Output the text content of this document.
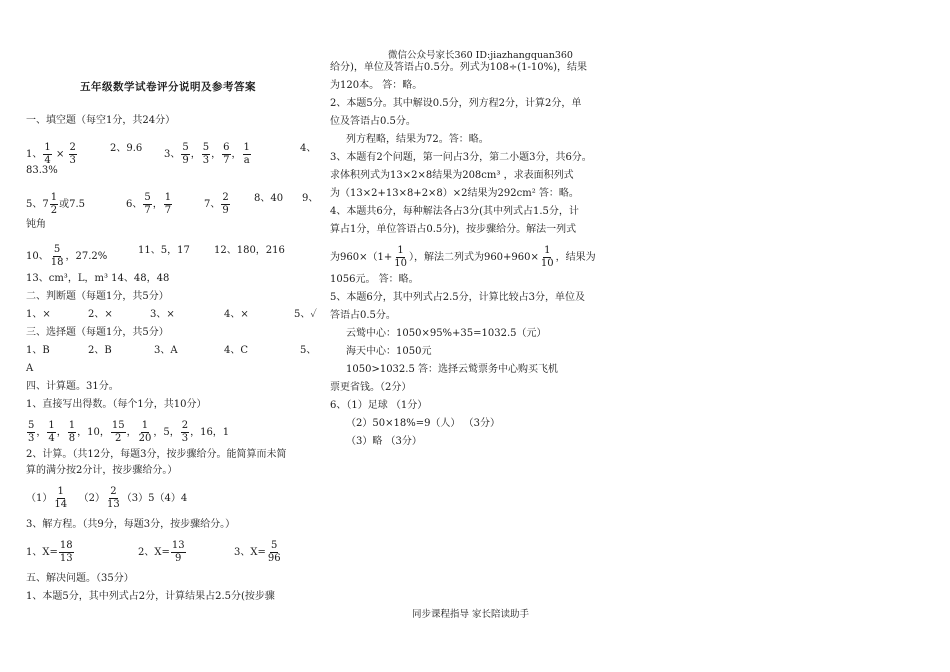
微信公众号家长360 ID:jiazhangquan360
五年级数学试卷评分说明及参考答案
一、填空题（每空1分，共24分）
1、 $\frac{1}{4} \times \frac{2}{3}$	2、9.6
3、 $\frac{5}{9}$ ， $\frac{5}{3}$ ， $\frac{6}{7}$ ， $\frac{1}{a}$	4、
83.3%
5、$7 \frac{1}{2}$ 或7.5	6、 $\frac{5}{7}$ ， $\frac{1}{7}$	7、 $\frac{2}{9} 8$、40 9、
钝角
10、 $\frac{5}{18}$ ，27.2%
11、5，17 12、180，216
13、cm³，L，m³ 14、48，48
二、判断题（每题1分，共5分）
1、×	2、×	3、×	4、×	5、✓
三、选择题（每题1分，共5分）
1、B	2、B	3、A	4、C	5、
A
四、计算题。31分。
1、直接写出得数。（每个1分，共10分）
$\frac{5}{3}$ ， $\frac{1}{4}$ ， $\frac{1}{8}$ ，10， $\frac{15}{2}$ ， $\frac{1}{20}$ ，5， $\frac{2}{3}$ ，16，1
2、计算。（共12分，每题3分，按步骤给分。能简算而未简
算的满分按2分计，按步骤给分。）
$(1) \frac{1}{14} (2) \frac{2}{13} (3)5(4)4$
3、解方程。（共9分，每题3分，按步骤给分。）
1、$X= \frac{18}{13}$	2、$X= \frac{13}{9}$	3、$X= \frac{5}{96}$
五、解决问题。（35分）
1、本题5分，其中列式占2分，计算结果占2.5分(按步骤
给分)，单位及答语占0.5分。列式为108÷(1-10%)，结果
为120本。 答：略。
2、本题5分。其中解设0.5分，列方程2分，计算2分，单
位及答语占0.5分。
列方程略，结果为72。答：略。
3、本题有2个问题，第一问占3分，第二小题3分，共6分。
求体积列式为13×2×8结果为208cm³ ，求表面积列式
为（13×2+13×8+2×8）×2结果为292cm² 答：略。
4、本题共6分，每种解法各占3分(其中列式占1.5分，计
算占1分，单位答语占0.5分)，按步骤给分。解法一列式
为$960\times(1+ \frac{1}{10}$ ），解法二列式为$960+960\times \frac{1}{10}$ ，结果为
1056元。 答：略。
5、本题6分，其中列式占2.5分，计算比较占3分，单位及
答语占0.5分。
云鹫中心：1050×95%+35=1032.5（元）
海天中心：1050元
1050>1032.5 答：选择云鹫票务中心购买飞机
票更省钱。（2分）
6、（1）足球 （1分）
（2）50×18%=9（人） （3分）
（3）略 （3分）
同步课程指导 家长陪读助手
